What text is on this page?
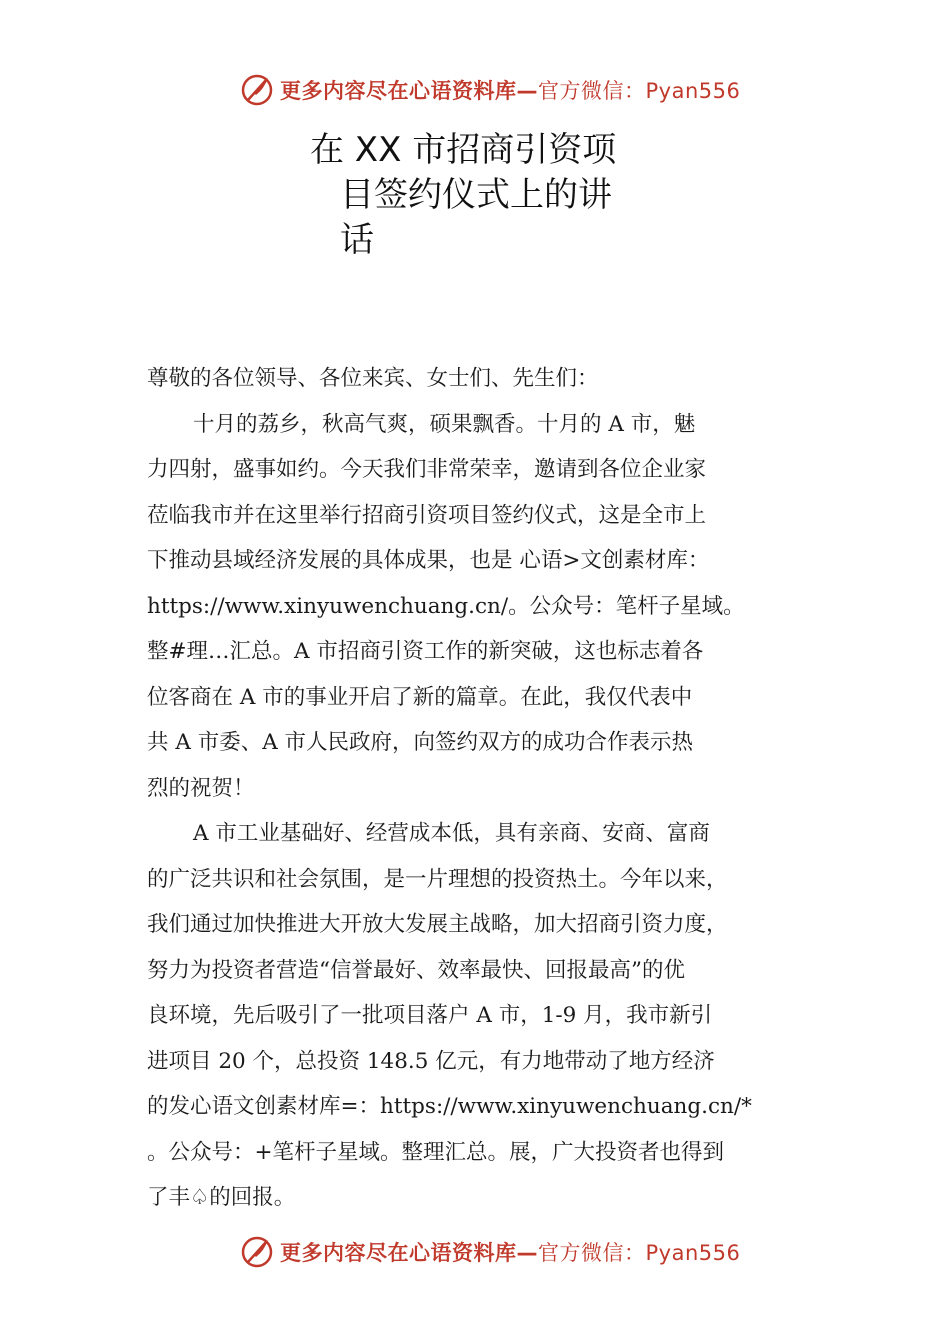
更多内容尽在心语资料库—官方微信：Pyan556
在 XX 市招商引资项
目签约仪式上的讲
话
尊敬的各位领导、各位来宾、女士们、先生们：
十月的荔乡，秋高气爽，硕果飘香。十月的 A 市，魅
力四射，盛事如约。今天我们非常荣幸，邀请到各位企业家
莅临我市并在这里举行招商引资项目签约仪式，这是全市上
下推动县域经济发展的具体成果，也是 心语>文创素材库：
https://www.xinyuwenchuang.cn/。公众号：笔杆子星域。
整#理…汇总。A 市招商引资工作的新突破，这也标志着各
位客商在 A 市的事业开启了新的篇章。在此，我仅代表中
共 A 市委、A 市人民政府，向签约双方的成功合作表示热
烈的祝贺！
A 市工业基础好、经营成本低，具有亲商、安商、富商
的广泛共识和社会氛围，是一片理想的投资热土。今年以来，
我们通过加快推进大开放大发展主战略，加大招商引资力度，
努力为投资者营造“信誉最好、效率最快、回报最高”的优
良环境，先后吸引了一批项目落户 A 市，1-9 月，我市新引
进项目 20 个，总投资 148.5 亿元，有力地带动了地方经济
的发心语文创素材库=：https://www.xinyuwenchuang.cn/*
。公众号：+笔杆子星域。整理汇总。展，广大投资者也得到
了丰♤的回报。
更多内容尽在心语资料库—官方微信：Pyan556
